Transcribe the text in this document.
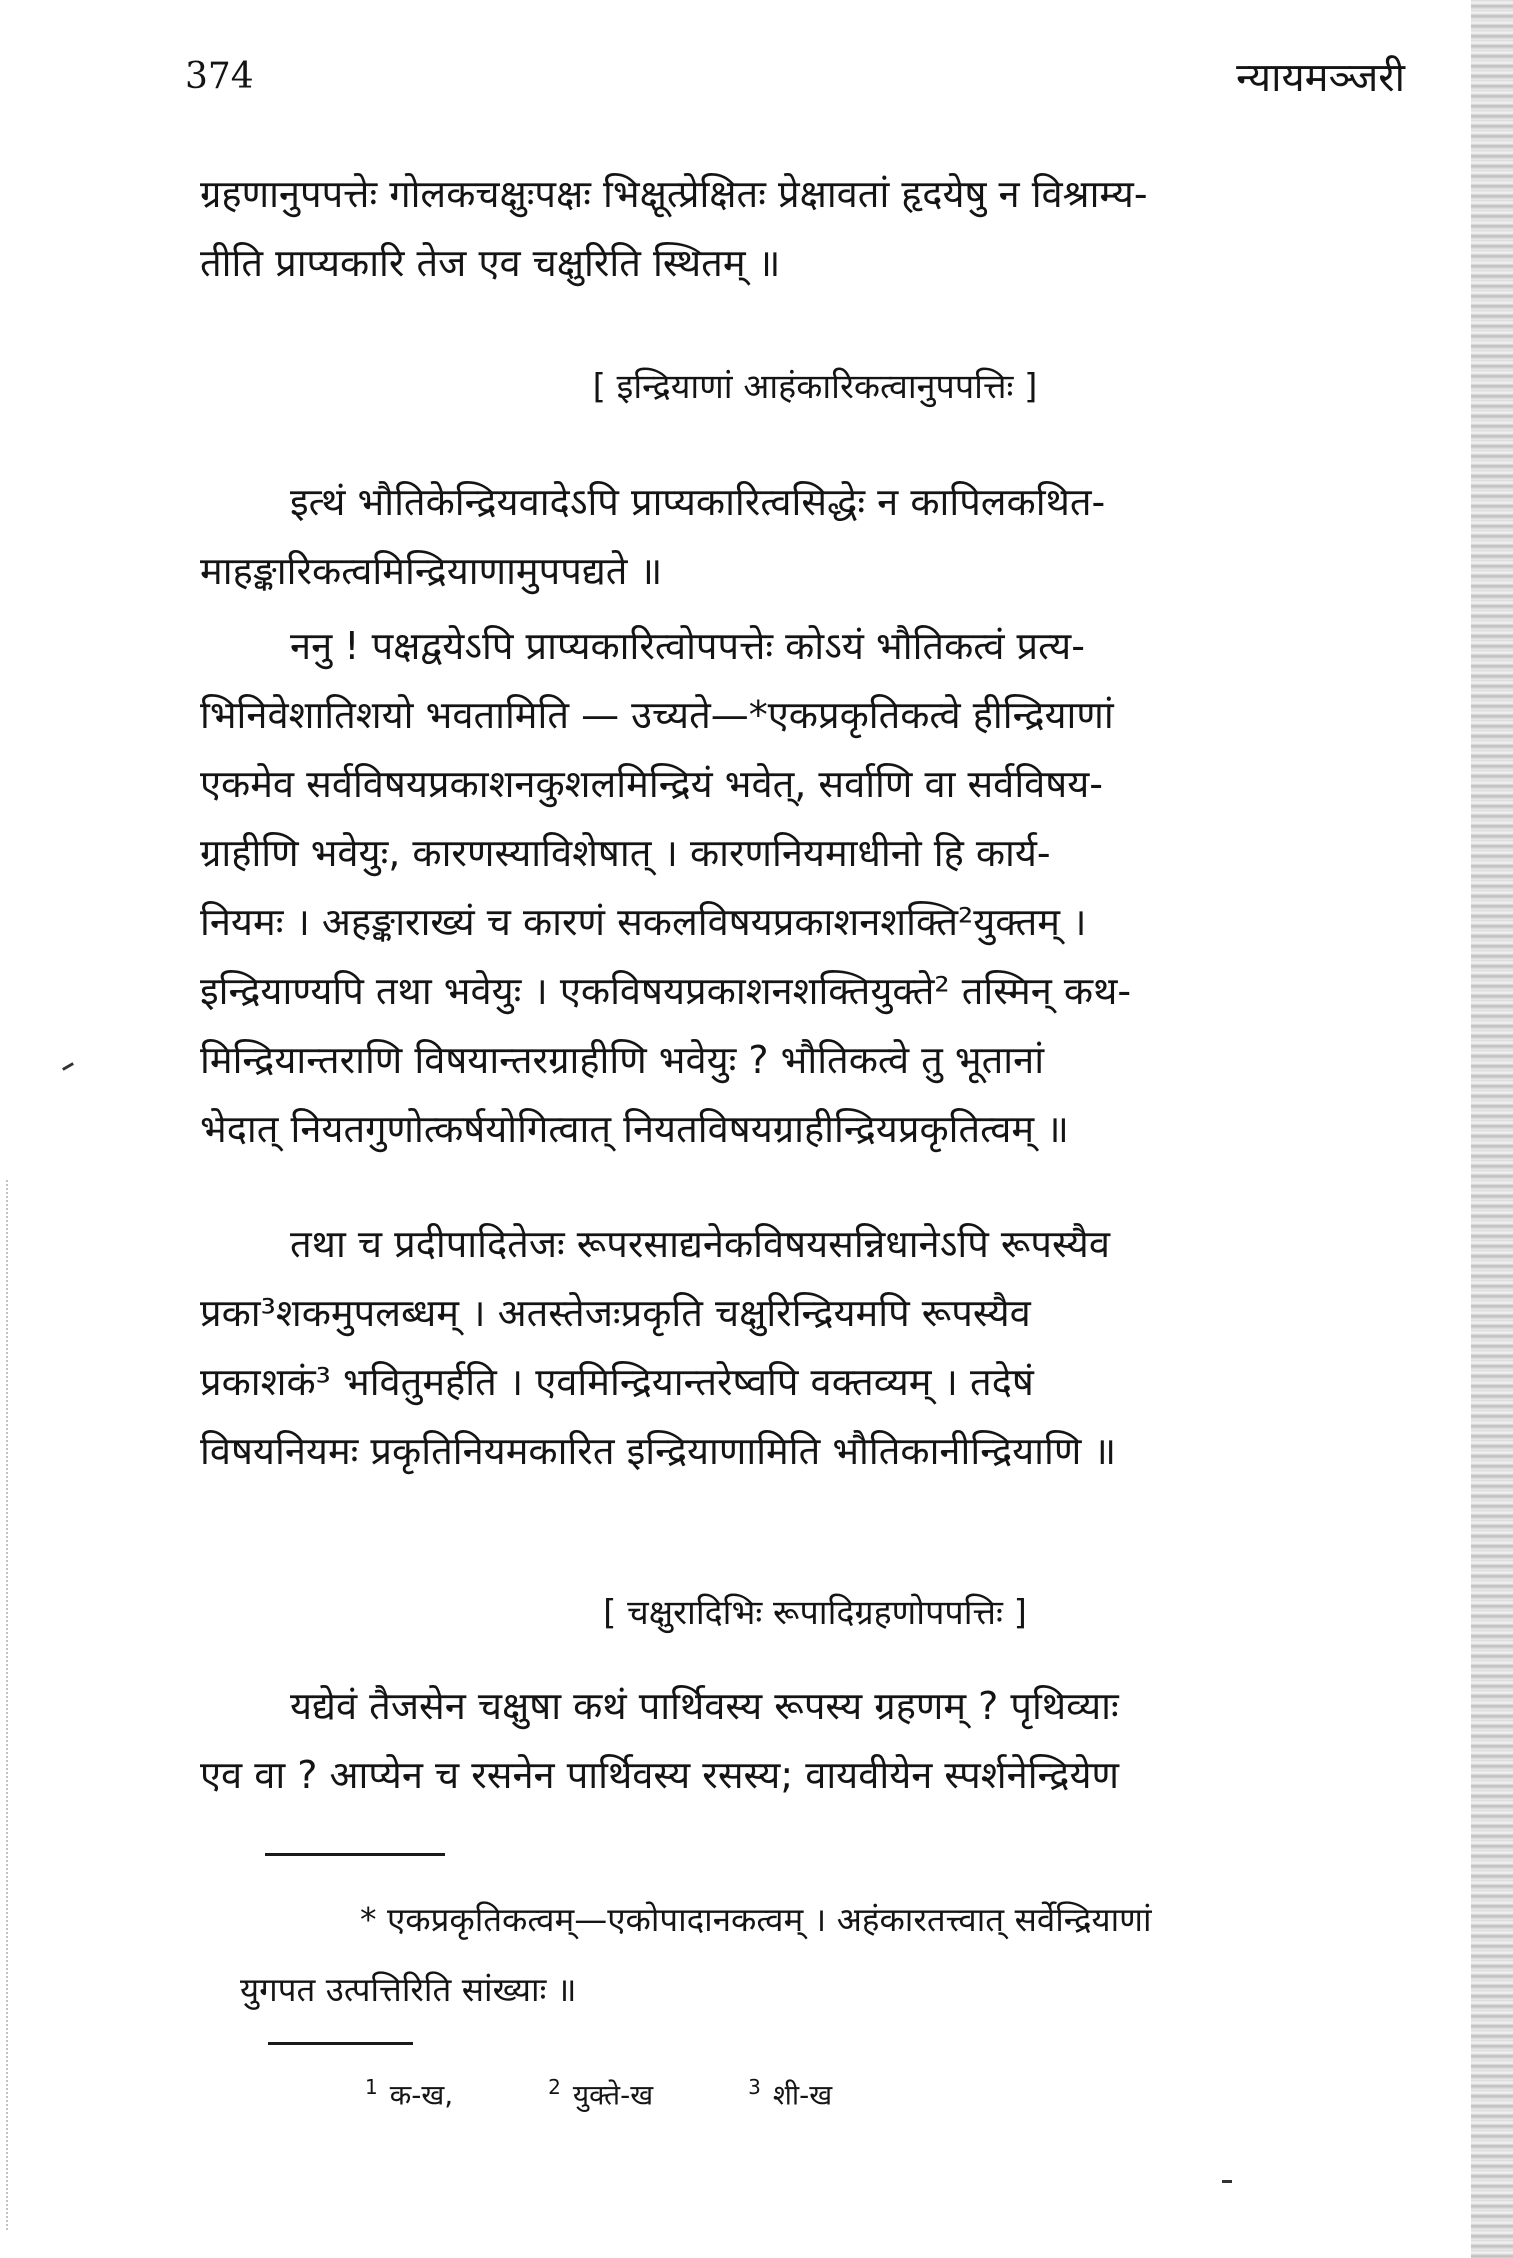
374	न्यायमञ्जरी

ग्रहणानुपपत्तेः गोलकचक्षुःपक्षः भिक्षूत्प्रेक्षितः प्रेक्षावतां हृदयेषु न विश्राम्य-
तीति प्राप्यकारि तेज एव चक्षुरिति स्थितम् ॥

[ इन्द्रियाणां आहंकारिकत्वानुपपत्तिः ]

इत्थं भौतिकेन्द्रियवादेऽपि प्राप्यकारित्वसिद्धेः न कापिलकथित-
माहङ्कारिकत्वमिन्द्रियाणामुपपद्यते ॥

ननु ! पक्षद्वयेऽपि प्राप्यकारित्वोपपत्तेः कोऽयं भौतिकत्वं प्रत्य-
भिनिवेशातिशयो भवतामिति — उच्यते—*एकप्रकृतिकत्वे हीन्द्रियाणां
एकमेव सर्वविषयप्रकाशनकुशलमिन्द्रियं भवेत्, सर्वाणि वा सर्वविषय-
ग्राहीणि भवेयुः, कारणस्याविशेषात् । कारणनियमाधीनो हि कार्य-
नियमः । अहङ्काराख्यं च कारणं सकलविषयप्रकाशनशक्ति²युक्तम् ।
इन्द्रियाण्यपि तथा भवेयुः । एकविषयप्रकाशनशक्तियुक्ते² तस्मिन् कथ-
मिन्द्रियान्तराणि विषयान्तरग्राहीणि भवेयुः ? भौतिकत्वे तु भूतानां
भेदात् नियतगुणोत्कर्षयोगित्वात् नियतविषयग्राहीन्द्रियप्रकृतित्वम् ॥

तथा च प्रदीपादितेजः रूपरसाद्यनेकविषयसन्निधानेऽपि रूपस्यैव
प्रका³शकमुपलब्धम् । अतस्तेजःप्रकृति चक्षुरिन्द्रियमपि रूपस्यैव
प्रकाशकं³ भवितुमर्हति । एवमिन्द्रियान्तरेष्वपि वक्तव्यम् । तदेषं
विषयनियमः प्रकृतिनियमकारित इन्द्रियाणामिति भौतिकानीन्द्रियाणि ॥

[ चक्षुरादिभिः रूपादिग्रहणोपपत्तिः ]

यद्येवं तैजसेन चक्षुषा कथं पार्थिवस्य रूपस्य ग्रहणम् ? पृथिव्याः
एव वा ? आप्येन च रसनेन पार्थिवस्य रसस्य; वायवीयेन स्पर्शनेन्द्रियेण

* एकप्रकृतिकत्वम्—एकोपादानकत्वम् । अहंकारतत्त्वात् सर्वेन्द्रियाणां
युगपत उत्पत्तिरिति सांख्याः ॥
$^1$ क-ख,	$^2$ युक्ते-ख	$^3$ शी-ख
